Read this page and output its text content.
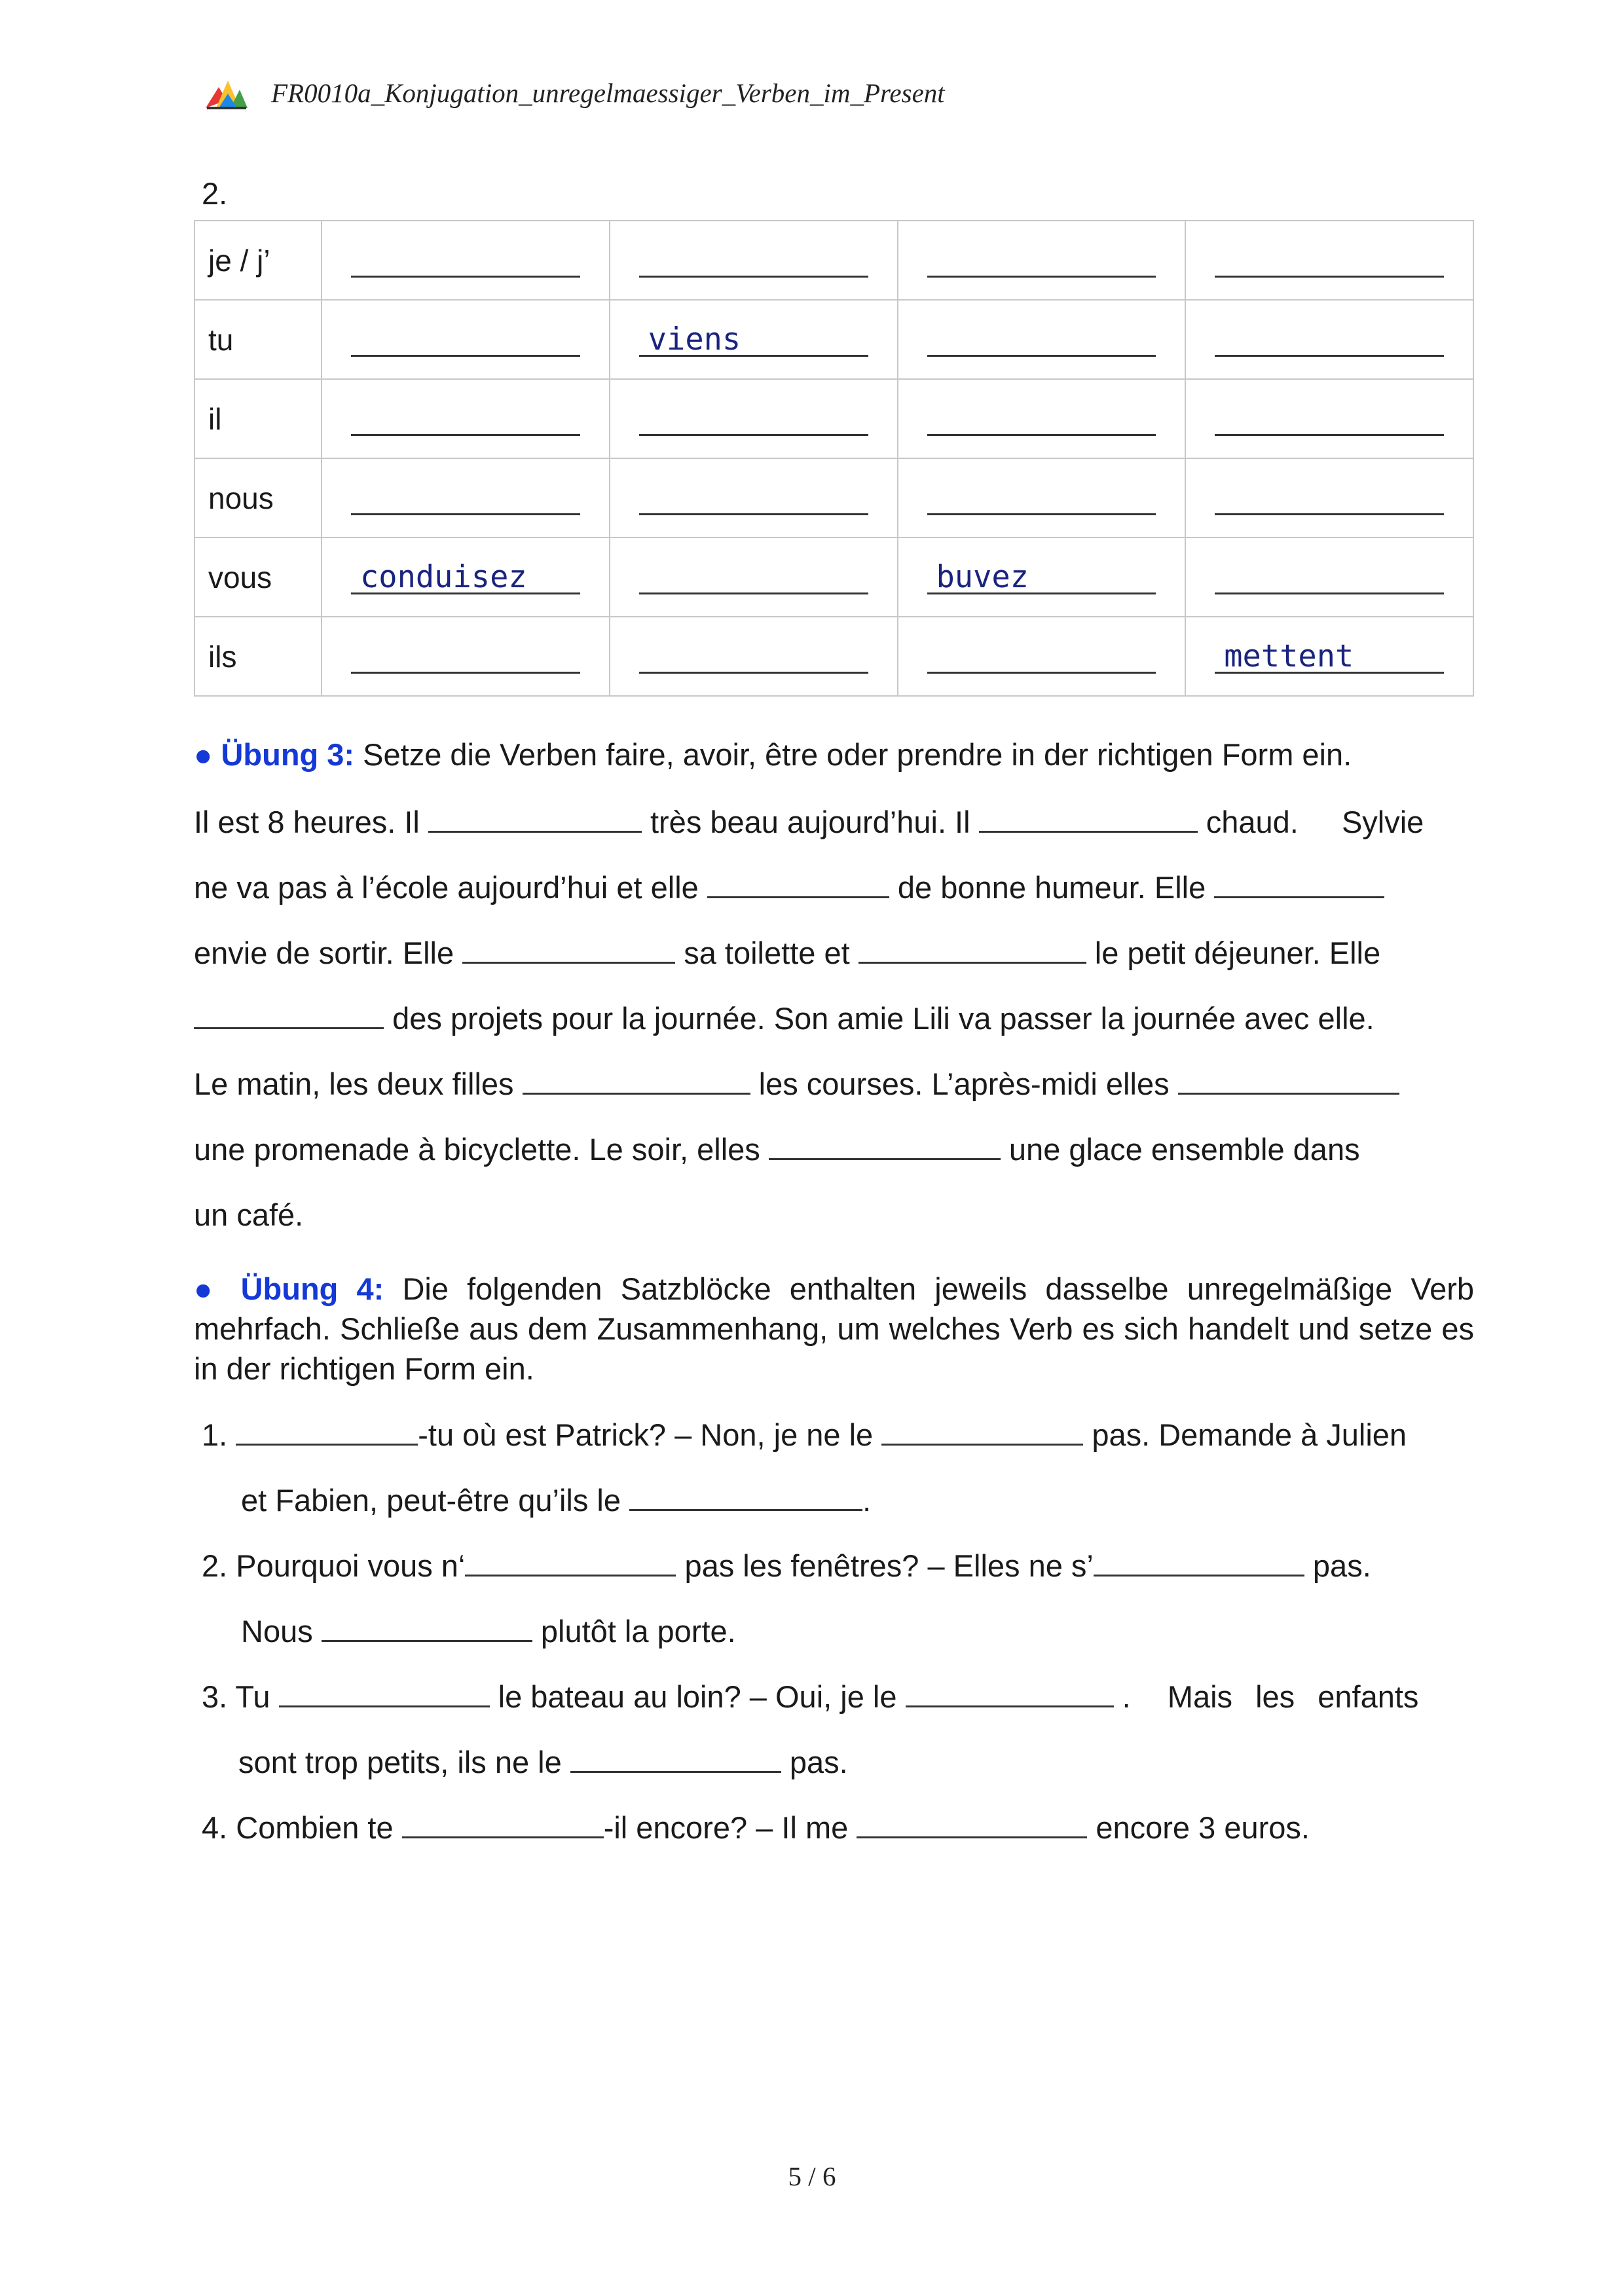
FR0010a_Konjugation_unregelmaessiger_Verben_im_Present
2.
je / j’	

tu		viens		

il	

nous	

vous	conduisez		buvez	

ils				mettent
● Übung 3: Setze die Verben faire, avoir, être oder prendre in der richtigen Form ein.
Il est 8 heures. Il	très beau aujourd’hui. Il	chaud. Sylvie
ne va pas à l’école aujourd’hui et elle	de bonne humeur. Elle
envie de sortir. Elle	sa toilette et	le petit déjeuner. Elle
des projets pour la journée. Son amie Lili va passer la journée avec elle.
Le matin, les deux filles	les courses. L’après-midi elles
une promenade à bicyclette. Le soir, elles	une glace ensemble dans
un café.
● Übung 4: Die folgenden Satzblöcke enthalten jeweils dasselbe unregelmäßige Verb mehrfach. Schließe aus dem Zusammenhang, um welches Verb es sich handelt und setze es in der richtigen Form ein.
1.	-tu où est Patrick? – Non, je ne le	pas. Demande à Julien
et Fabien, peut-être qu’ils le	.
2. Pourquoi vous n‘	pas les fenêtres? – Elles ne s’	pas.
Nous	plutôt la porte.
3. Tu	le bateau au loin? – Oui, je le	. Mais les enfants
sont trop petits, ils ne le	pas.
4. Combien te	-il encore? – Il me	encore 3 euros.
5 / 6
